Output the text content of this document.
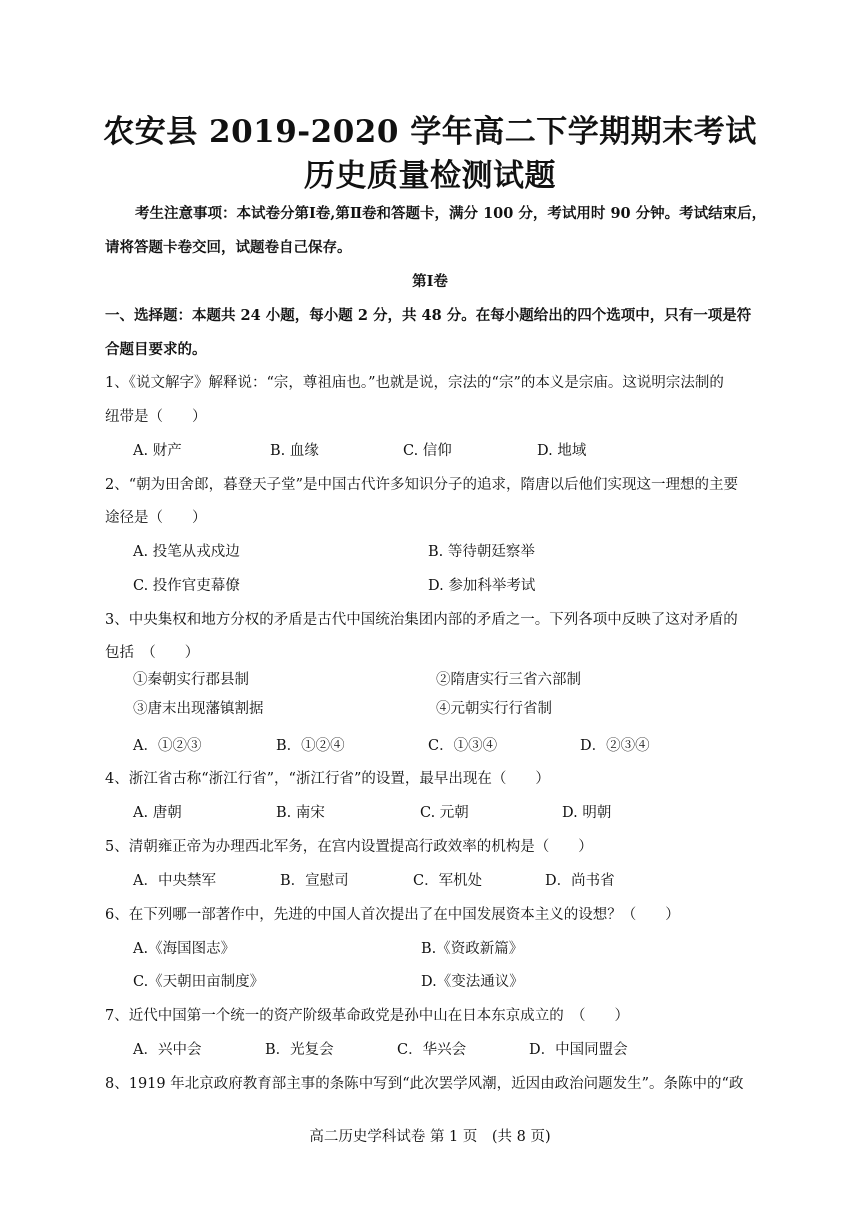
农安县 2019-2020 学年高二下学期期末考试
历史质量检测试题
考生注意事项：本试卷分第Ⅰ卷,第Ⅱ卷和答题卡，满分 100 分，考试用时 90 分钟。考试结束后，
请将答题卡卷交回，试题卷自己保存。
第Ⅰ卷
一、选择题：本题共 24 小题，每小题 2 分，共 48 分。在每小题给出的四个选项中，只有一项是符
合题目要求的。
1、《说文解字》解释说：“宗，尊祖庙也。”也就是说，宗法的“宗”的本义是宗庙。这说明宗法制的
纽带是（　　）
A. 财产	B. 血缘	C. 信仰	D. 地域
2、“朝为田舍郎，暮登天子堂”是中国古代许多知识分子的追求，隋唐以后他们实现这一理想的主要
途径是（　　）
A. 投笔从戎戍边	B. 等待朝廷察举
C. 投作官吏幕僚	D. 参加科举考试
3、中央集权和地方分权的矛盾是古代中国统治集团内部的矛盾之一。下列各项中反映了这对矛盾的
包括　（　　）
①秦朝实行郡县制	②隋唐实行三省六部制
③唐末出现藩镇割据	④元朝实行行省制
A．①②③	B．①②④	C．①③④	D．②③④
4、浙江省古称“浙江行省”，“浙江行省”的设置，最早出现在（　　）
A. 唐朝	B. 南宋	C. 元朝	D. 明朝
5、清朝雍正帝为办理西北军务，在宫内设置提高行政效率的机构是（　　）
A．中央禁军	B．宣慰司	C．军机处	D．尚书省
6、在下列哪一部著作中，先进的中国人首次提出了在中国发展资本主义的设想？（　　）
A.《海国图志》	B.《资政新篇》
C.《天朝田亩制度》	D.《变法通议》
7、近代中国第一个统一的资产阶级革命政党是孙中山在日本东京成立的　（　　）
A．兴中会	B．光复会	C．华兴会	D．中国同盟会
8、1919 年北京政府教育部主事的条陈中写到“此次罢学风潮，近因由政治问题发生”。条陈中的“政
高二历史学科试卷 第 1 页　(共 8 页)
